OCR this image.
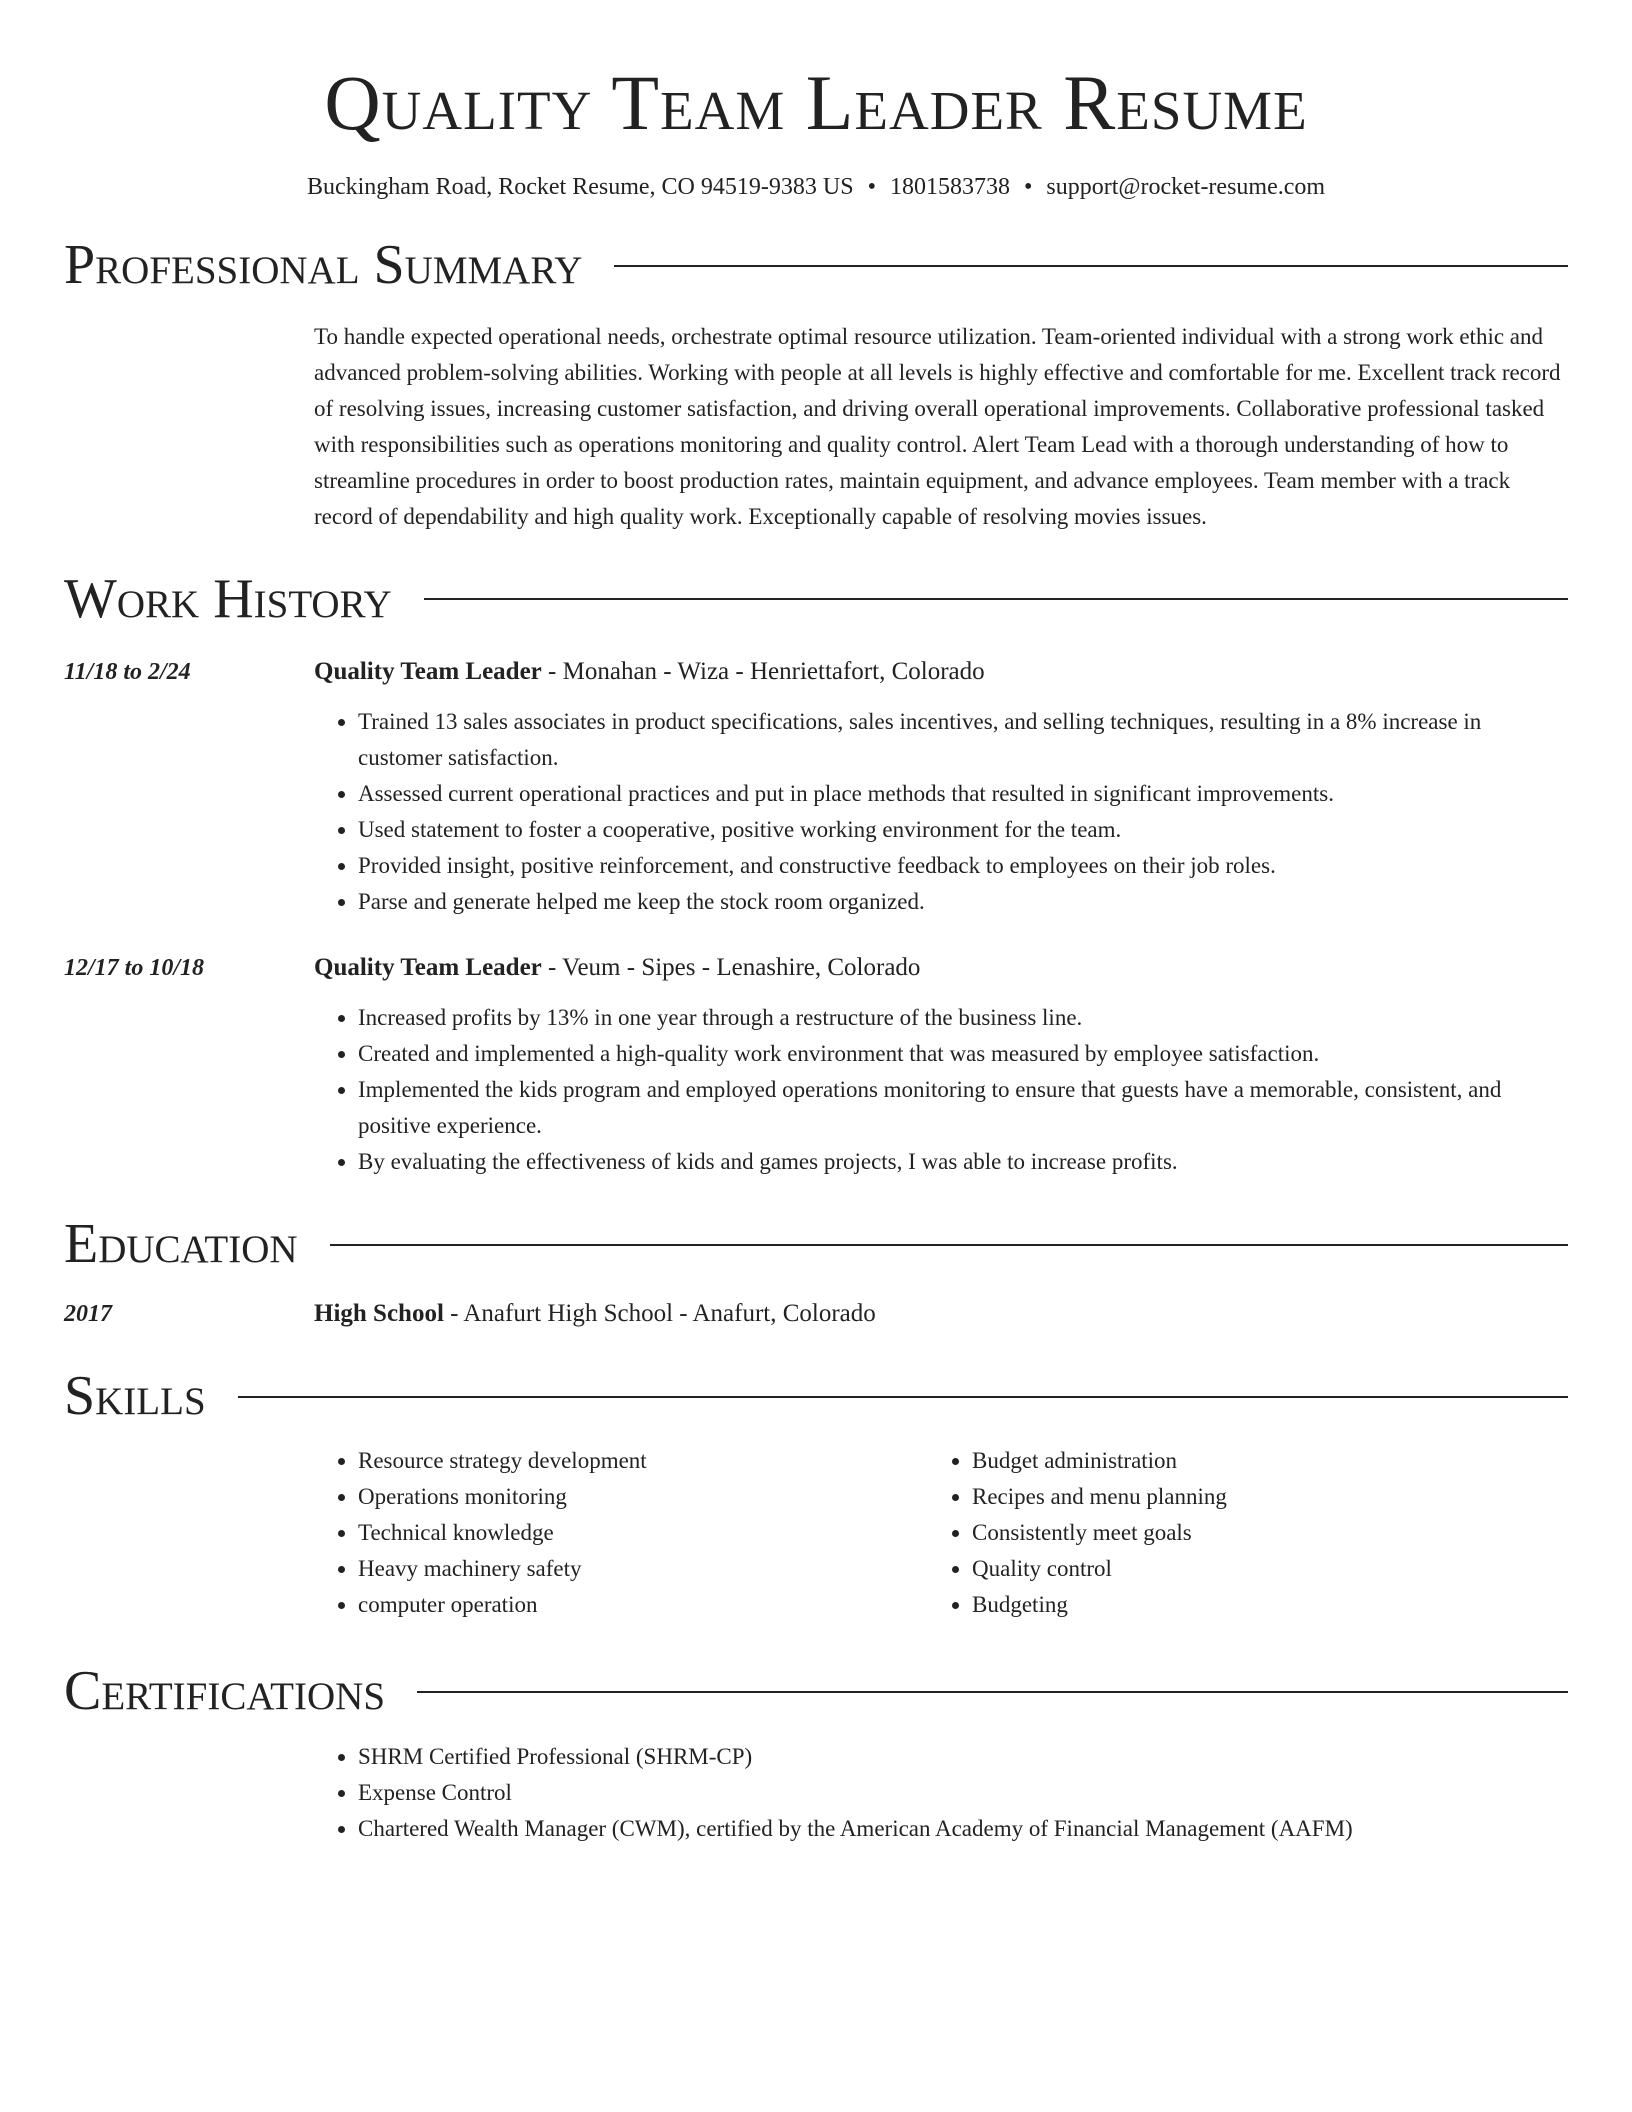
Quality Team Leader Resume
Buckingham Road, Rocket Resume, CO 94519-9383 US • 1801583738 • support@rocket-resume.com
Professional Summary
To handle expected operational needs, orchestrate optimal resource utilization. Team-oriented individual with a strong work ethic and advanced problem-solving abilities. Working with people at all levels is highly effective and comfortable for me. Excellent track record of resolving issues, increasing customer satisfaction, and driving overall operational improvements. Collaborative professional tasked with responsibilities such as operations monitoring and quality control. Alert Team Lead with a thorough understanding of how to streamline procedures in order to boost production rates, maintain equipment, and advance employees. Team member with a track record of dependability and high quality work. Exceptionally capable of resolving movies issues.
Work History
11/18 to 2/24	Quality Team Leader - Monahan - Wiza - Henriettafort, Colorado
• Trained 13 sales associates in product specifications, sales incentives, and selling techniques, resulting in a 8% increase in customer satisfaction.
• Assessed current operational practices and put in place methods that resulted in significant improvements.
• Used statement to foster a cooperative, positive working environment for the team.
• Provided insight, positive reinforcement, and constructive feedback to employees on their job roles.
• Parse and generate helped me keep the stock room organized.
12/17 to 10/18	Quality Team Leader - Veum - Sipes - Lenashire, Colorado
• Increased profits by 13% in one year through a restructure of the business line.
• Created and implemented a high-quality work environment that was measured by employee satisfaction.
• Implemented the kids program and employed operations monitoring to ensure that guests have a memorable, consistent, and positive experience.
• By evaluating the effectiveness of kids and games projects, I was able to increase profits.
Education
2017	High School - Anafurt High School - Anafurt, Colorado
Skills
• Resource strategy development
• Operations monitoring
• Technical knowledge
• Heavy machinery safety
• computer operation
• Budget administration
• Recipes and menu planning
• Consistently meet goals
• Quality control
• Budgeting
Certifications
• SHRM Certified Professional (SHRM-CP)
• Expense Control
• Chartered Wealth Manager (CWM), certified by the American Academy of Financial Management (AAFM)
